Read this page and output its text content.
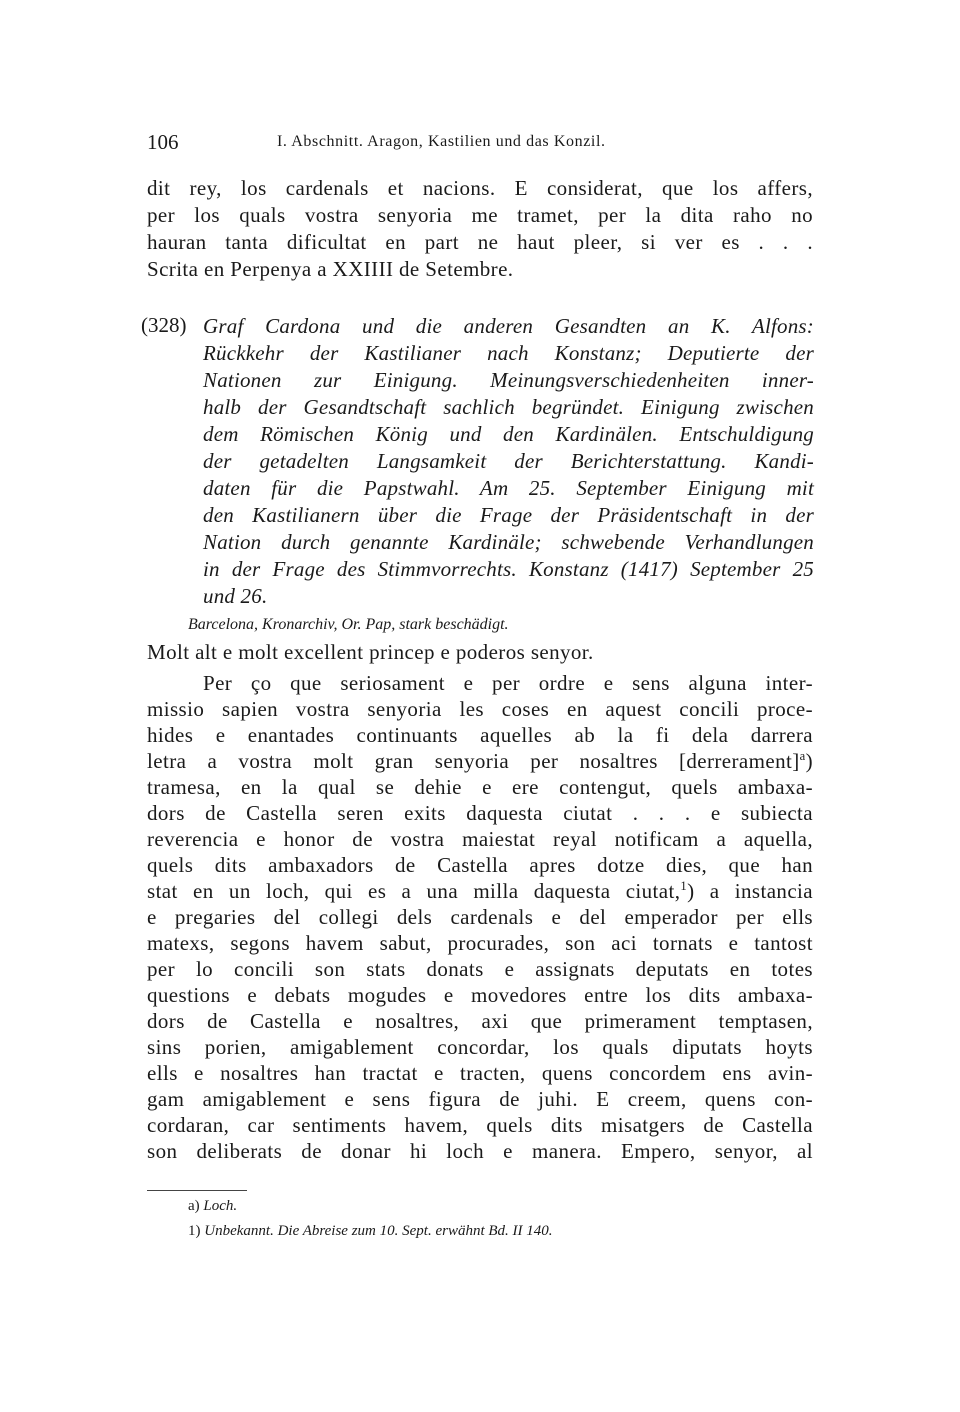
106	I. Abschnitt. Aragon, Kastilien und das Konzil.
dit rey, los cardenals et nacions. E considerat, que los affers,
per los quals vostra senyoria me tramet, per la dita raho no
hauran tanta dificultat en part ne haut pleer, si ver es . . .
Scrita en Perpenya a XXIIII de Setembre.
(328) Graf Cardona und die anderen Gesandten an K. Alfons:
Rückkehr der Kastilianer nach Konstanz; Deputierte der
Nationen zur Einigung. Meinungsverschiedenheiten inner-
halb der Gesandtschaft sachlich begründet. Einigung zwischen
dem Römischen König und den Kardinälen. Entschuldigung
der getadelten Langsamkeit der Berichterstattung. Kandi-
daten für die Papstwahl. Am 25. September Einigung mit
den Kastilianern über die Frage der Präsidentschaft in der
Nation durch genannte Kardinäle; schwebende Verhandlungen
in der Frage des Stimmvorrechts. Konstanz (1417) September 25
und 26.
Barcelona, Kronarchiv, Or. Pap, stark beschädigt.
Molt alt e molt excellent princep e poderos senyor.
Per ço que seriosament e per ordre e sens alguna inter-
missio sapien vostra senyoria les coses en aquest concili proce-
hides e enantades continuants aquelles ab la fi dela darrera
letra a vostra molt gran senyoria per nosaltres [derrerament]$^a$)
tramesa, en la qual se dehie e ere contengut, quels ambaxa-
dors de Castella seren exits daquesta ciutat . . . e subiecta
reverencia e honor de vostra maiestat reyal notificam a aquella,
quels dits ambaxadors de Castella apres dotze dies, que han
stat en un loch, qui es a una milla daquesta ciutat,$^1$) a instancia
e pregaries del collegi dels cardenals e del emperador per ells
matexs, segons havem sabut, procurades, son aci tornats e tantost
per lo concili son stats donats e assignats deputats en totes
questions e debats mogudes e movedores entre los dits ambaxa-
dors de Castella e nosaltres, axi que primerament temptasen,
sins porien, amigablement concordar, los quals diputats hoyts
ells e nosaltres han tractat e tracten, quens concordem ens avin-
gam amigablement e sens figura de juhi. E creem, quens con-
cordaran, car sentiments havem, quels dits misatgers de Castella
son deliberats de donar hi loch e manera. Empero, senyor, al
a) Loch.
1) Unbekannt. Die Abreise zum 10. Sept. erwähnt Bd. II 140.
